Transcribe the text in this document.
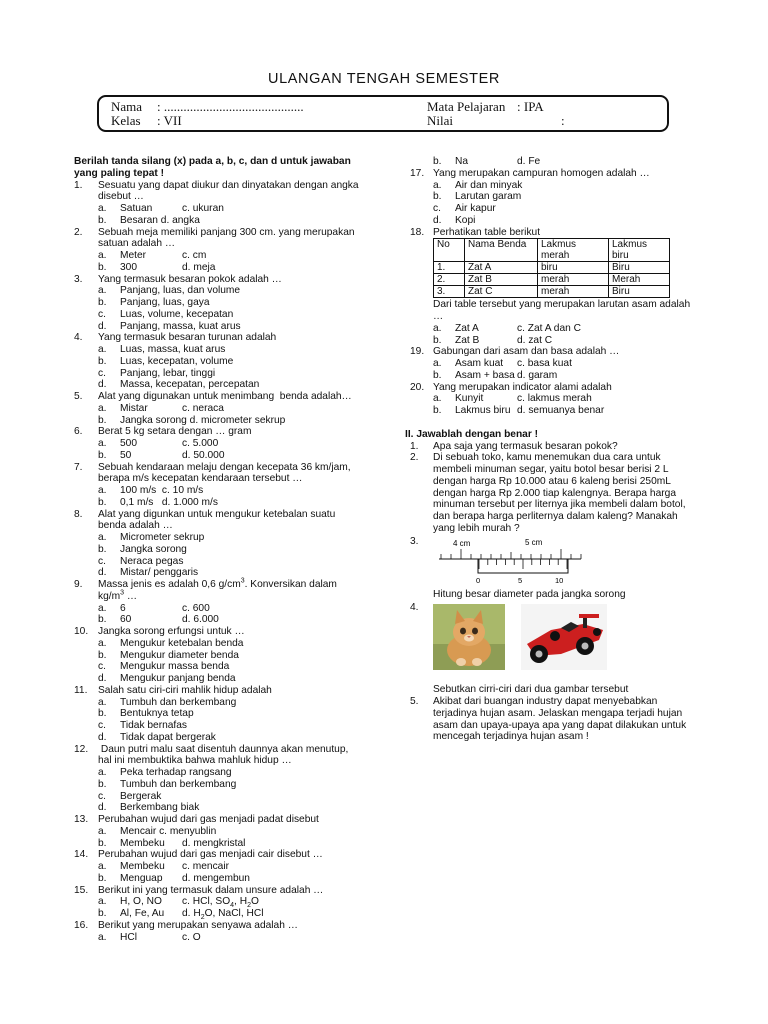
ULANGAN TENGAH SEMESTER
Nama : ...........................................
Kelas : VII
Mata Pelajaran : IPA
Nilai	:
Berilah tanda silang (x) pada a, b, c, dan d untuk jawaban
yang paling tepat !
1. Sesuatu yang dapat diukur dan dinyatakan dengan angka
disebut …
a. Satuan	c. ukuran
b. Besaran d. angka
2. Sebuah meja memiliki panjang 300 cm. yang merupakan
satuan adalah …
a. Meter	c. cm
b. 300	d. meja
3. Yang termasuk besaran pokok adalah …
a. Panjang, luas, dan volume
b. Panjang, luas, gaya
c. Luas, volume, kecepatan
d. Panjang, massa, kuat arus
4. Yang termasuk besaran turunan adalah
a. Luas, massa, kuat arus
b. Luas, kecepatan, volume
c. Panjang, lebar, tinggi
d. Massa, kecepatan, percepatan
5. Alat yang digunakan untuk menimbang  benda adalah…
a. Mistar	c. neraca
b. Jangka sorong d. micrometer sekrup
6. Berat 5 kg setara dengan … gram
a. 500	c. 5.000
b. 50	d. 50.000
7. Sebuah kendaraan melaju dengan kecepata 36 km/jam,
berapa m/s kecepatan kendaraan tersebut …
a. 100 m/s  c. 10 m/s
b. 0,1 m/s   d. 1.000 m/s
8. Alat yang digunkan untuk mengukur ketebalan suatu
benda adalah …
a. Micrometer sekrup
b. Jangka sorong
c. Neraca pegas
d. Mistar/ penggaris
9. Massa jenis es adalah 0,6 $g/cm^3$. Konversikan dalam
$kg/m^3$ …
a. 6	c. 600
b. 60	d. 6.000
10. Jangka sorong erfungsi untuk …
a. Mengukur ketebalan benda
b. Mengukur diameter benda
c. Mengukur massa benda
d. Mengukur panjang benda
11. Salah satu ciri-ciri mahlik hidup adalah
a. Tumbuh dan berkembang
b. Bentuknya tetap
c. Tidak bernafas
d. Tidak dapat bergerak
12. Daun putri malu saat disentuh daunnya akan menutup,
hal ini membuktika bahwa mahluk hidup …
a. Peka terhadap rangsang
b. Tumbuh dan berkembang
c. Bergerak
d. Berkembang biak
13. Perubahan wujud dari gas menjadi padat disebut
a. Mencair c. menyublin
b. Membeku d. mengkristal
14. Perubahan wujud dari gas menjadi cair disebut …
a. Membeku c. mencair
b. Menguap d. mengembun
15. Berikut ini yang termasuk dalam unsure adalah …
a. H, O, NO c. HCl, $SO_4$, $H_2O$
b. Al, Fe, Au d. $H_2O$, NaCl, HCl
16. Berikut yang merupakan senyawa adalah …
a. HCl	c. O
b. Na	d. Fe
17. Yang merupakan campuran homogen adalah …
a. Air dan minyak
b. Larutan garam
c. Air kapur
d. Kopi
18. Perhatikan table berikut
No	Nama Benda	Lakmus merah	Lakmus biru
1.	Zat A	biru	Biru
2.	Zat B	merah	Merah
3.	Zat C	merah	Biru
Dari table tersebut yang merupakan larutan asam adalah
…
a. Zat A	c. Zat A dan C
b. Zat B	d. zat C
19. Gabungan dari asam dan basa adalah …
a. Asam kuat c. basa kuat
b. Asam + basa d. garam
20. Yang merupakan indicator alami adalah
a. Kunyit	c. lakmus merah
b. Lakmus biru d. semuanya benar
II. Jawablah dengan benar !
1. Apa saja yang termasuk besaran pokok?
2. Di sebuah toko, kamu menemukan dua cara untuk
membeli minuman segar, yaitu botol besar berisi 2 L
dengan harga Rp 10.000 atau 6 kaleng berisi 250mL
dengan harga Rp 2.000 tiap kalengnya. Berapa harga
minuman tersebut per liternya jika membeli dalam botol,
dan berapa harga perliternya dalam kaleng? Manakah
yang lebih murah ?
3.	4 cm	5 cm
0	5	10
Hitung besar diameter pada jangka sorong
4.
Sebutkan cirri-ciri dari dua gambar tersebut
5. Akibat dari buangan industry dapat menyebabkan
terjadinya hujan asam. Jelaskan mengapa terjadi hujan
asam dan upaya-upaya apa yang dapat dilakukan untuk
mencegah terjadinya hujan asam !
